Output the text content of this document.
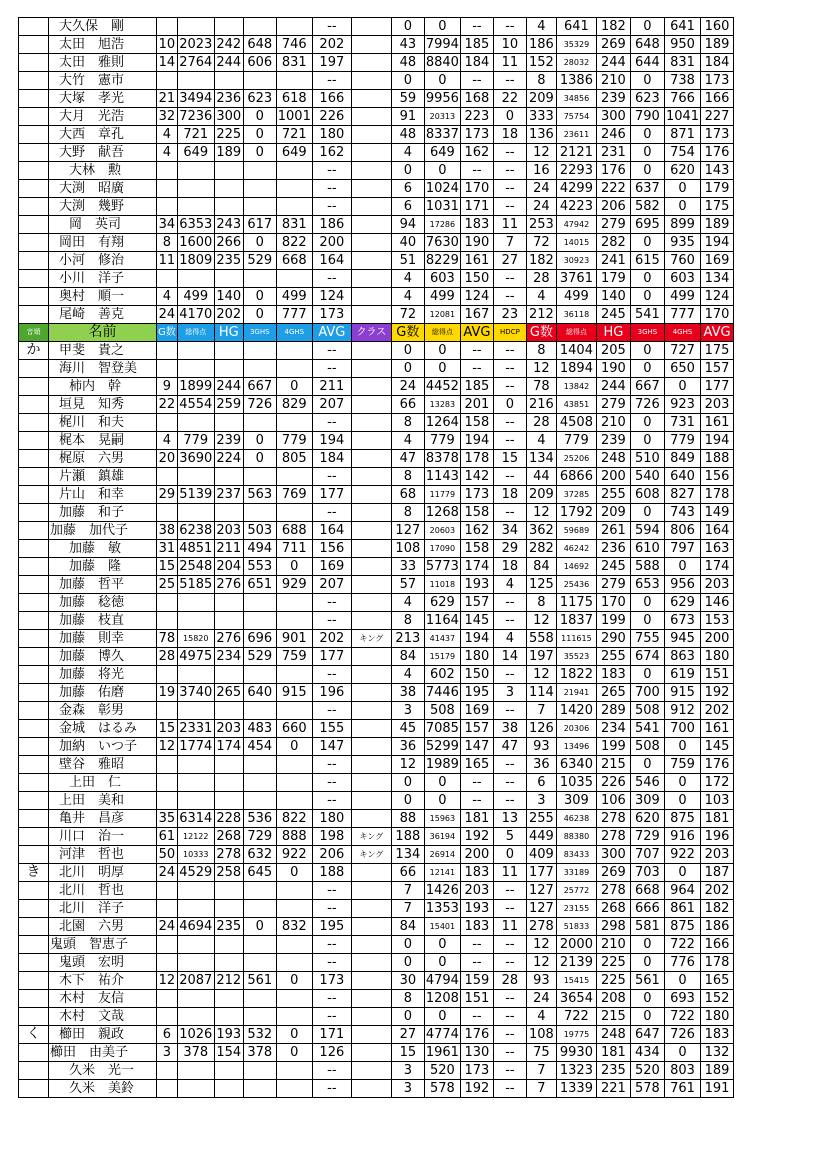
	大久保　剛						--		0	0	--	--	4	641	182	0	641	160
	太田　旭浩	10	2023	242	648	746	202		43	7994	185	10	186	35329	269	648	950	189
	太田　雅則	14	2764	244	606	831	197		48	8840	184	11	152	28032	244	644	831	184
	大竹　憲市						--		0	0	--	--	8	1386	210	0	738	173
	大塚　孝光	21	3494	236	623	618	166		59	9956	168	22	209	34856	239	623	766	166
	大月　光浩	32	7236	300	0	1001	226		91	20313	223	0	333	75754	300	790	1041	227
	大西　章孔	4	721	225	0	721	180		48	8337	173	18	136	23611	246	0	871	173
	大野　献吾	4	649	189	0	649	162		4	649	162	--	12	2121	231	0	754	176
	大林　勲						--		0	0	--	--	16	2293	176	0	620	143
	大渕　昭廣						--		6	1024	170	--	24	4299	222	637	0	179
	大渕　幾野						--		6	1031	171	--	24	4223	206	582	0	175
	岡　英司	34	6353	243	617	831	186		94	17286	183	11	253	47942	279	695	899	189
	岡田　有翔	8	1600	266	0	822	200		40	7630	190	7	72	14015	282	0	935	194
	小河　修治	11	1809	235	529	668	164		51	8229	161	27	182	30923	241	615	760	169
	小川　洋子						--		4	603	150	--	28	3761	179	0	603	134
	奥村　順一	4	499	140	0	499	124		4	499	124	--	4	499	140	0	499	124
	尾崎　善克	24	4170	202	0	777	173		72	12081	167	23	212	36118	245	541	777	170
音順	名前	G数	総得点	HG	3GHS	4GHS	AVG	クラス	G数	総得点	AVG	HDCP	G数	総得点	HG	3GHS	4GHS	AVG
か	甲斐　貴之						--		0	0	--	--	8	1404	205	0	727	175
	海川　智登美						--		0	0	--	--	12	1894	190	0	650	157
	柿内　幹	9	1899	244	667	0	211		24	4452	185	--	78	13842	244	667	0	177
	垣見　知秀	22	4554	259	726	829	207		66	13283	201	0	216	43851	279	726	923	203
	梶川　和夫						--		8	1264	158	--	28	4508	210	0	731	161
	梶本　晃嗣	4	779	239	0	779	194		4	779	194	--	4	779	239	0	779	194
	梶原　六男	20	3690	224	0	805	184		47	8378	178	15	134	25206	248	510	849	188
	片瀬　鎮雄						--		8	1143	142	--	44	6866	200	540	640	156
	片山　和幸	29	5139	237	563	769	177		68	11779	173	18	209	37285	255	608	827	178
	加藤　和子						--		8	1268	158	--	12	1792	209	0	743	149
	加藤　加代子	38	6238	203	503	688	164		127	20603	162	34	362	59689	261	594	806	164
	加藤　敏	31	4851	211	494	711	156		108	17090	158	29	282	46242	236	610	797	163
	加藤　隆	15	2548	204	553	0	169		33	5773	174	18	84	14692	245	588	0	174
	加藤　哲平	25	5185	276	651	929	207		57	11018	193	4	125	25436	279	653	956	203
	加藤　稔徳						--		4	629	157	--	8	1175	170	0	629	146
	加藤　枝直						--		8	1164	145	--	12	1837	199	0	673	153
	加藤　則幸	78	15820	276	696	901	202	キング	213	41437	194	4	558	111615	290	755	945	200
	加藤　博久	28	4975	234	529	759	177		84	15179	180	14	197	35523	255	674	863	180
	加藤　将光						--		4	602	150	--	12	1822	183	0	619	151
	加藤　佑磨	19	3740	265	640	915	196		38	7446	195	3	114	21941	265	700	915	192
	金森　彰男						--		3	508	169	--	7	1420	289	508	912	202
	金城　はるみ	15	2331	203	483	660	155		45	7085	157	38	126	20306	234	541	700	161
	加納　いつ子	12	1774	174	454	0	147		36	5299	147	47	93	13496	199	508	0	145
	壁谷　雅昭						--		12	1989	165	--	36	6340	215	0	759	176
	上田　仁						--		0	0	--	--	6	1035	226	546	0	172
	上田　美和						--		0	0	--	--	3	309	106	309	0	103
	亀井　昌彦	35	6314	228	536	822	180		88	15963	181	13	255	46238	278	620	875	181
	川口　治一	61	12122	268	729	888	198	キング	188	36194	192	5	449	88380	278	729	916	196
	河津　哲也	50	10333	278	632	922	206	キング	134	26914	200	0	409	83433	300	707	922	203
き	北川　明厚	24	4529	258	645	0	188		66	12141	183	11	177	33189	269	703	0	187
	北川　哲也						--		7	1426	203	--	127	25772	278	668	964	202
	北川　洋子						--		7	1353	193	--	127	23155	268	666	861	182
	北園　六男	24	4694	235	0	832	195		84	15401	183	11	278	51833	298	581	875	186
	鬼頭　智恵子						--		0	0	--	--	12	2000	210	0	722	166
	鬼頭　宏明						--		0	0	--	--	12	2139	225	0	776	178
	木下　祐介	12	2087	212	561	0	173		30	4794	159	28	93	15415	225	561	0	165
	木村　友信						--		8	1208	151	--	24	3654	208	0	693	152
	木村　文哉						--		0	0	--	--	4	722	215	0	722	180
く	櫛田　親政	6	1026	193	532	0	171		27	4774	176	--	108	19775	248	647	726	183
	櫛田　由美子	3	378	154	378	0	126		15	1961	130	--	75	9930	181	434	0	132
	久米　光一						--		3	520	173	--	7	1323	235	520	803	189
	久米　美鈴						--		3	578	192	--	7	1339	221	578	761	191
